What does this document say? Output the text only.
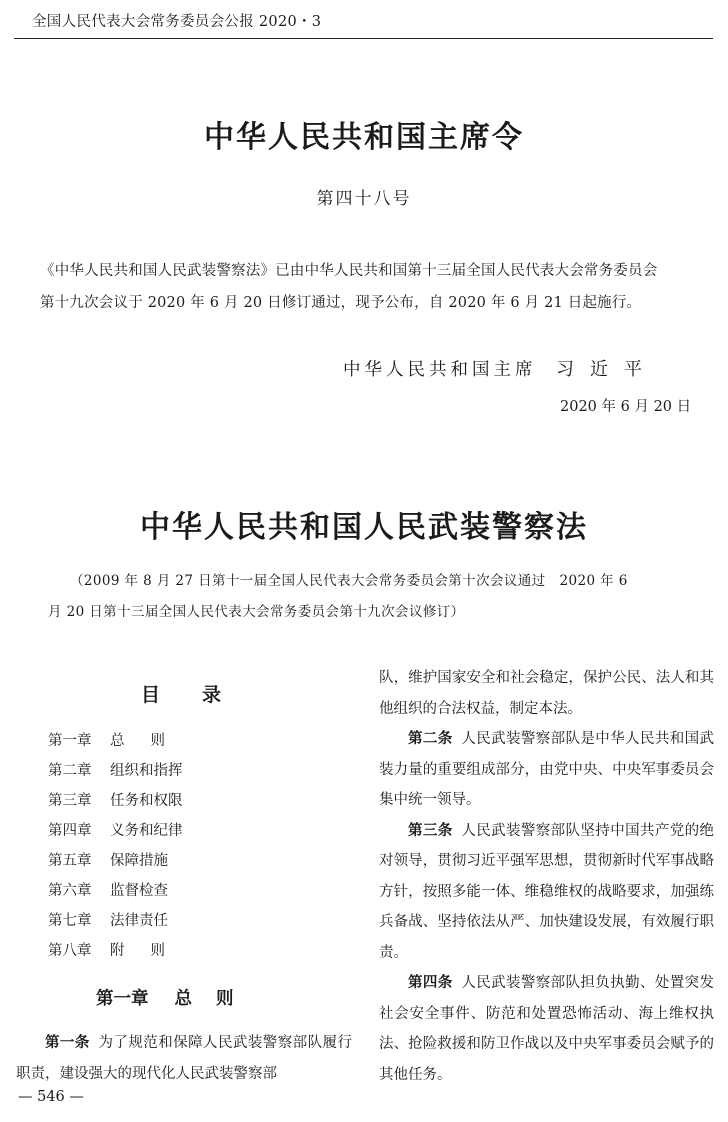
全国人民代表大会常务委员会公报 2020・3
中华人民共和国主席令
第四十八号
《中华人民共和国人民武装警察法》已由中华人民共和国第十三届全国人民代表大会常务委员会
第十九次会议于 2020 年 6 月 20 日修订通过，现予公布，自 2020 年 6 月 21 日起施行。
中华人民共和国主席 习近平
2020 年 6 月 20 日
中华人民共和国人民武装警察法
（2009 年 8 月 27 日第十一届全国人民代表大会常务委员会第十次会议通过　2020 年 6
月 20 日第十三届全国人民代表大会常务委员会第十九次会议修订）
目录
第一章 总则
第二章 组织和指挥
第三章 任务和权限
第四章 义务和纪律
第五章 保障措施
第六章 监督检查
第七章 法律责任
第八章 附则
第一章 总则
第一条 为了规范和保障人民武装警察部队履行职责，建设强大的现代化人民武装警察部

队，维护国家安全和社会稳定，保护公民、法人和其他组织的合法权益，制定本法。

第二条 人民武装警察部队是中华人民共和国武装力量的重要组成部分，由党中央、中央军事委员会集中统一领导。

第三条 人民武装警察部队坚持中国共产党的绝对领导，贯彻习近平强军思想，贯彻新时代军事战略方针，按照多能一体、维稳维权的战略要求，加强练兵备战、坚持依法从严、加快建设发展，有效履行职责。

第四条 人民武装警察部队担负执勤、处置突发社会安全事件、防范和处置恐怖活动、海上维权执法、抢险救援和防卫作战以及中央军事委员会赋予的其他任务。

— 546 —
